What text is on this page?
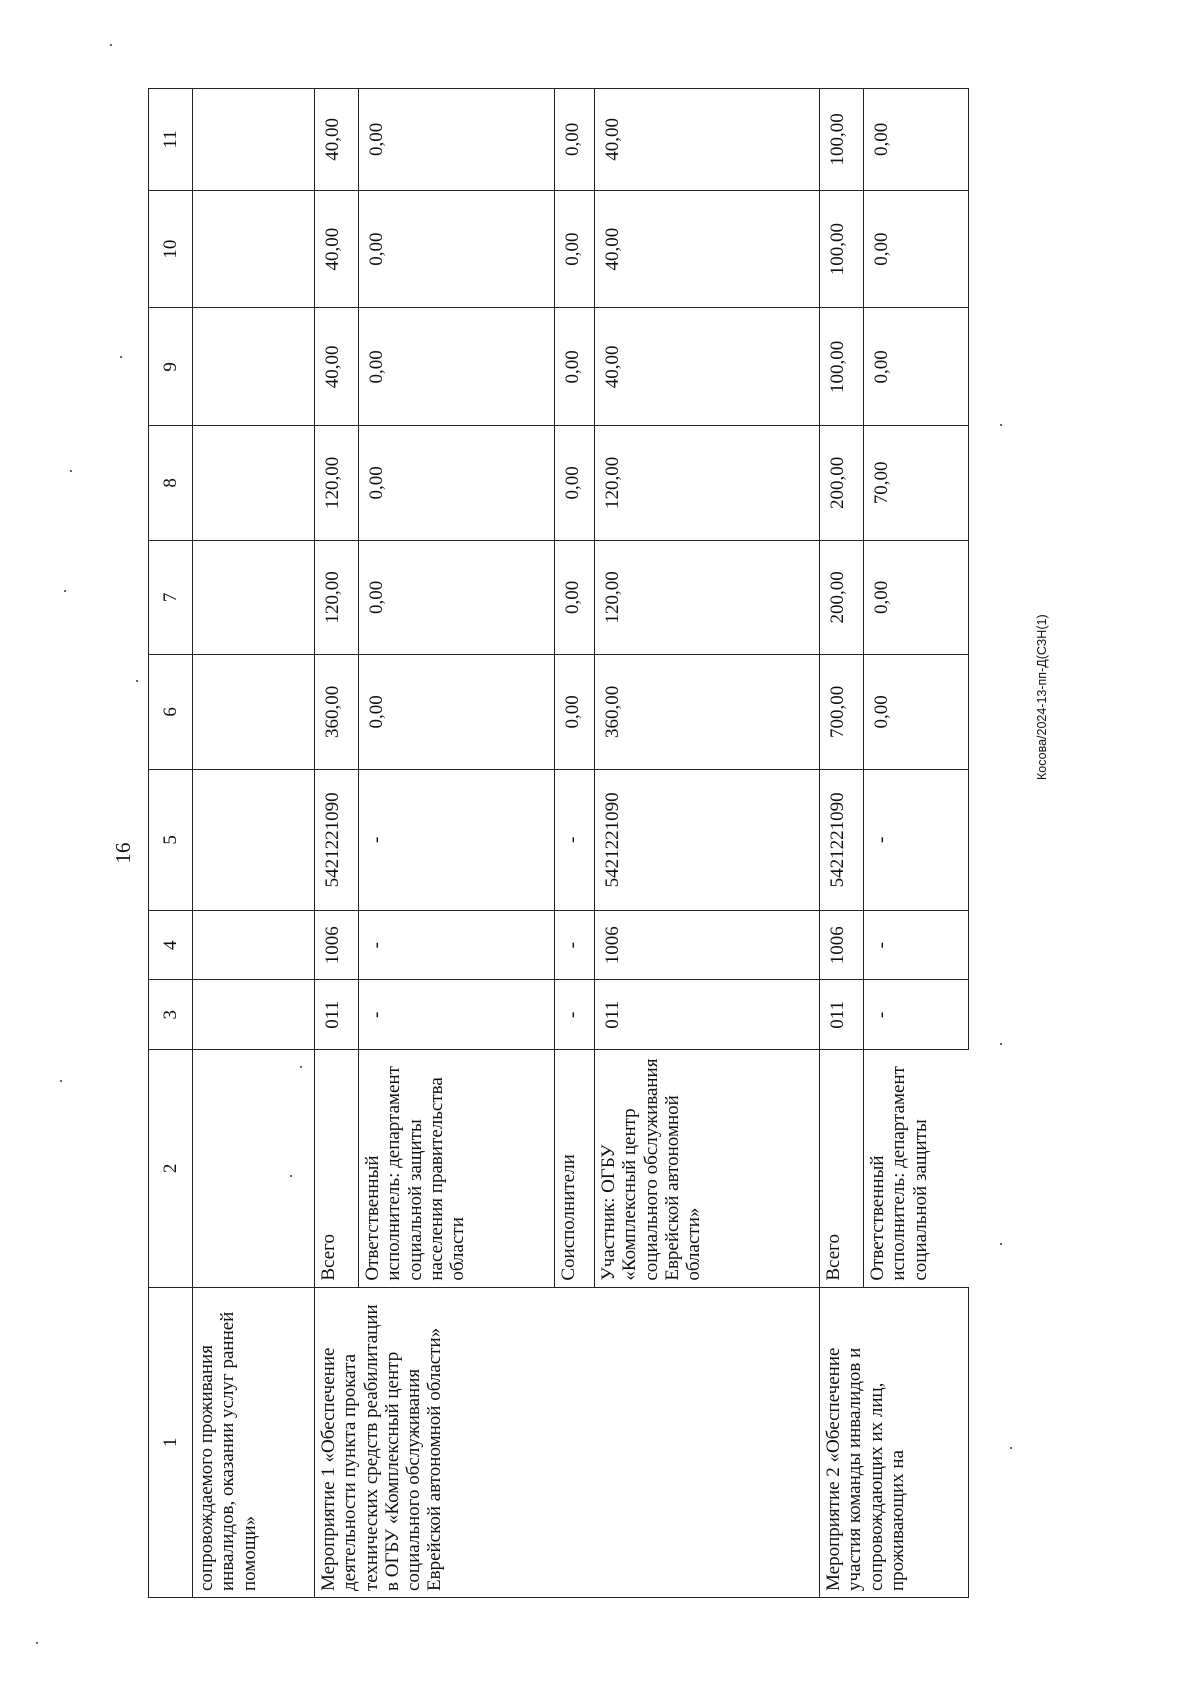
16
Косова/2024-13-пп-Д(СЗН(1)
1	2	3	4	5	6	7	8	9	10	11
сопровождаемого проживания инвалидов, оказании услуг ранней помощи»										
Мероприятие 1 «Обеспечение деятельности пункта проката технических средств реабилитации в ОГБУ «Комплексный центр социального обслуживания Еврейской автономной области»	Всего	011	1006	5421221090	360,00	120,00	120,00	40,00	40,00	40,00
	Ответственный исполнитель: департамент социальной защиты населения правительства области	-	-	-	0,00	0,00	0,00	0,00	0,00	0,00
	Соисполнители	-	-	-	0,00	0,00	0,00	0,00	0,00	0,00
	Участник: ОГБУ «Комплексный центр социального обслуживания Еврейской автономной области»	011	1006	5421221090	360,00	120,00	120,00	40,00	40,00	40,00
Мероприятие 2 «Обеспечение участия команды инвалидов и сопровождающих их лиц, проживающих на	Всего	011	1006	5421221090	700,00	200,00	200,00	100,00	100,00	100,00
	Ответственный исполнитель: департамент социальной защиты	-	-	-	0,00	0,00	70,00	0,00	0,00	0,00
